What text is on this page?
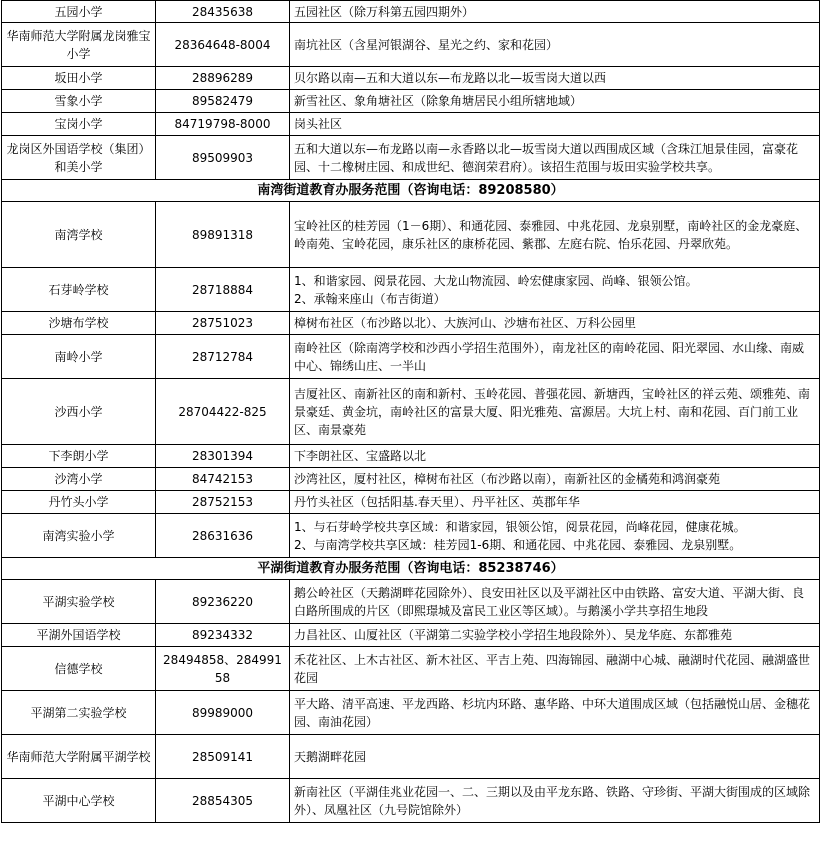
五园小学	28435638	五园社区（除万科第五园四期外）
华南师范大学附属龙岗雅宝小学	28364648-8004	南坑社区（含星河银湖谷、星光之约、家和花园）
坂田小学	28896289	贝尔路以南—五和大道以东—布龙路以北—坂雪岗大道以西
雪象小学	89582479	新雪社区、象角塘社区（除象角塘居民小组所辖地域）
宝岗小学	84719798-8000	岗头社区
龙岗区外国语学校（集团）和美小学	89509903	五和大道以东—布龙路以南—永香路以北—坂雪岗大道以西围成区域（含珠江旭景佳园，富豪花园、十二橡树庄园、和成世纪、德润荣君府）。该招生范围与坂田实验学校共享。
南湾街道教育办服务范围（咨询电话：89208580）		
南湾学校	89891318	宝岭社区的桂芳园（1－6期）、和通花园、泰雅园、中兆花园、龙泉别墅，南岭社区的金龙豪庭、岭南苑、宝岭花园，康乐社区的康桥花园、紫郡、左庭右院、怡乐花园、丹翠欣苑。
石芽岭学校	28718884	1、和谐家园、阅景花园、大龙山物流园、岭宏健康家园、尚峰、银领公馆。
2、承翰来座山（布吉街道）
沙塘布学校	28751023	樟树布社区（布沙路以北）、大族河山、沙塘布社区、万科公园里
南岭小学	28712784	南岭社区（除南湾学校和沙西小学招生范围外），南龙社区的南岭花园、阳光翠园、水山缘、南威中心、锦绣山庄、一半山
沙西小学	28704422-825	吉厦社区、南新社区的南和新村、玉岭花园、普强花园、新塘西，宝岭社区的祥云苑、颂雅苑、南景豪廷、黄金坑，南岭社区的富景大厦、阳光雅苑、富源居。大坑上村、南和花园、百门前工业区、南景豪苑
下李朗小学	28301394	下李朗社区、宝盛路以北
沙湾小学	84742153	沙湾社区，厦村社区，樟树布社区（布沙路以南），南新社区的金橘苑和鸿润豪苑
丹竹头小学	28752153	丹竹头社区（包括阳基.春天里）、丹平社区、英郡年华
南湾实验小学	28631636	1、与石芽岭学校共享区域：和谐家园，银领公馆，阅景花园，尚峰花园，健康花城。
2、与南湾学校共享区域：桂芳园1-6期、和通花园、中兆花园、泰雅园、龙泉别墅。
平湖街道教育办服务范围（咨询电话：85238746）		
平湖实验学校	89236220	鹅公岭社区（天鹅湖畔花园除外）、良安田社区以及平湖社区中由铁路、富安大道、平湖大街、良白路所围成的片区（即熙璟城及富民工业区等区域）。与鹅溪小学共享招生地段
平湖外国语学校	89234332	力昌社区、山厦社区（平湖第二实验学校小学招生地段除外）、昊龙华庭、东都雅苑
信德学校	28494858、28499158	禾花社区、上木古社区、新木社区、平吉上苑、四海锦园、融湖中心城、融湖时代花园、融湖盛世花园
平湖第二实验学校	89989000	平大路、清平高速、平龙西路、杉坑内环路、惠华路、中环大道围成区域（包括融悦山居、金穗花园、南油花园）
华南师范大学附属平湖学校	28509141	天鹅湖畔花园
平湖中心学校	28854305	新南社区（平湖佳兆业花园一、二、三期以及由平龙东路、铁路、守珍街、平湖大街围成的区域除外）、凤凰社区（九号院馆除外）
